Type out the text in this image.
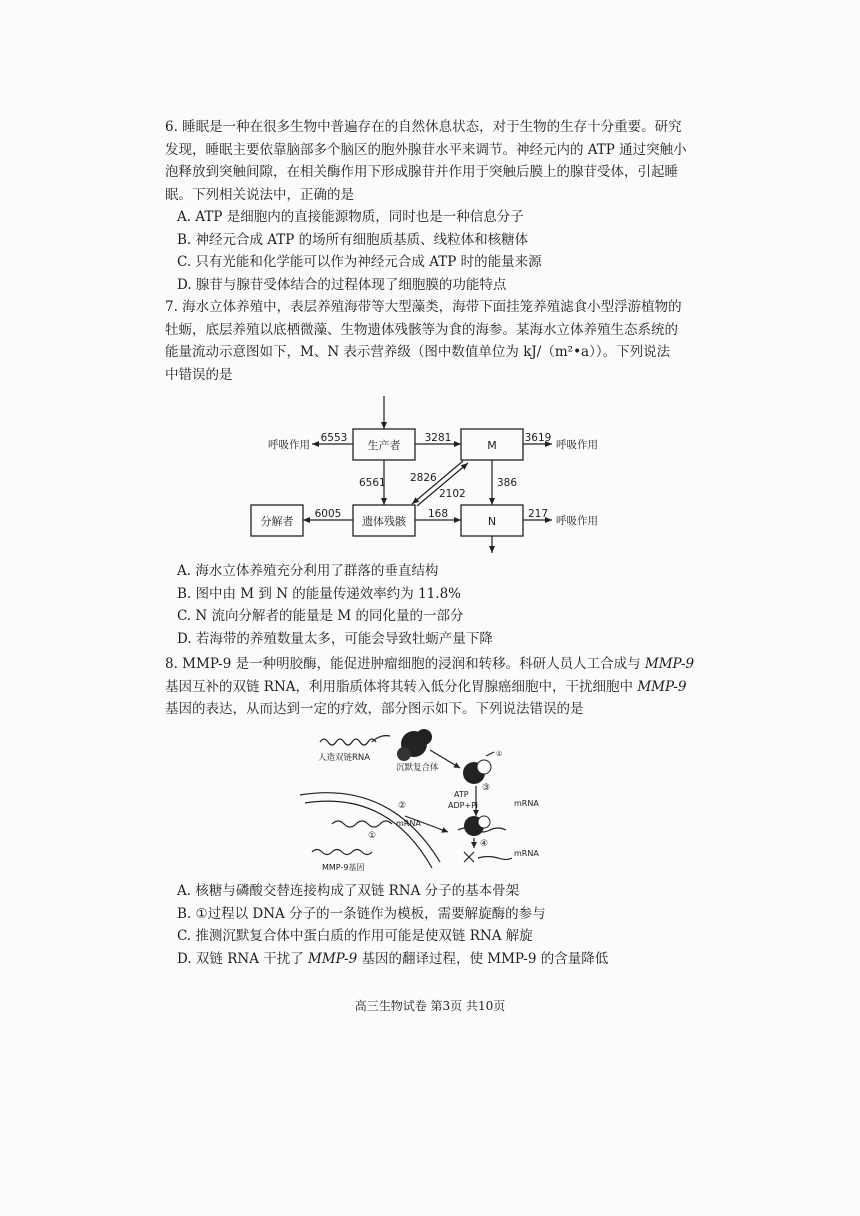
6. 睡眠是一种在很多生物中普遍存在的自然休息状态，对于生物的生存十分重要。研究
发现，睡眠主要依靠脑部多个脑区的胞外腺苷水平来调节。神经元内的 ATP 通过突触小
泡释放到突触间隙，在相关酶作用下形成腺苷并作用于突触后膜上的腺苷受体，引起睡
眠。下列相关说法中，正确的是
A. ATP 是细胞内的直接能源物质，同时也是一种信息分子
B. 神经元合成 ATP 的场所有细胞质基质、线粒体和核糖体
C. 只有光能和化学能可以作为神经元合成 ATP 时的能量来源
D. 腺苷与腺苷受体结合的过程体现了细胞膜的功能特点
7. 海水立体养殖中，表层养殖海带等大型藻类，海带下面挂笼养殖滤食小型浮游植物的
牡蛎，底层养殖以底栖微藻、生物遗体残骸等为食的海参。某海水立体养殖生态系统的
能量流动示意图如下，M、N 表示营养级（图中数值单位为 kJ/（m²•a））。下列说法
中错误的是
生产者	M
遗体残骸	N
分解者
呼吸作用
6553	3281	3619
呼吸作用
6561 2826
2102
386
6005	168	217
呼吸作用
A. 海水立体养殖充分利用了群落的垂直结构
B. 图中由 M 到 N 的能量传递效率约为 11.8%
C. N 流向分解者的能量是 M 的同化量的一部分
D. 若海带的养殖数量太多，可能会导致牡蛎产量下降
8. MMP-9 是一种明胶酶，能促进肿瘤细胞的浸润和转移。科研人员人工合成与 MMP-9
基因互补的双链 RNA，利用脂质体将其转入低分化胃腺癌细胞中，干扰细胞中 MMP-9
基因的表达，从而达到一定的疗效，部分图示如下。下列说法错误的是
人造双链RNA
沉默复合体
①
ATP
ADP+Pi
③
mRNA
④
mRNA
mRNA
①
MMP-9基因
②
A. 核糖与磷酸交替连接构成了双链 RNA 分子的基本骨架
B. ①过程以 DNA 分子的一条链作为模板，需要解旋酶的参与
C. 推测沉默复合体中蛋白质的作用可能是使双链 RNA 解旋
D. 双链 RNA 干扰了 MMP-9 基因的翻译过程，使 MMP-9 的含量降低
高三生物试卷 第3页 共10页
